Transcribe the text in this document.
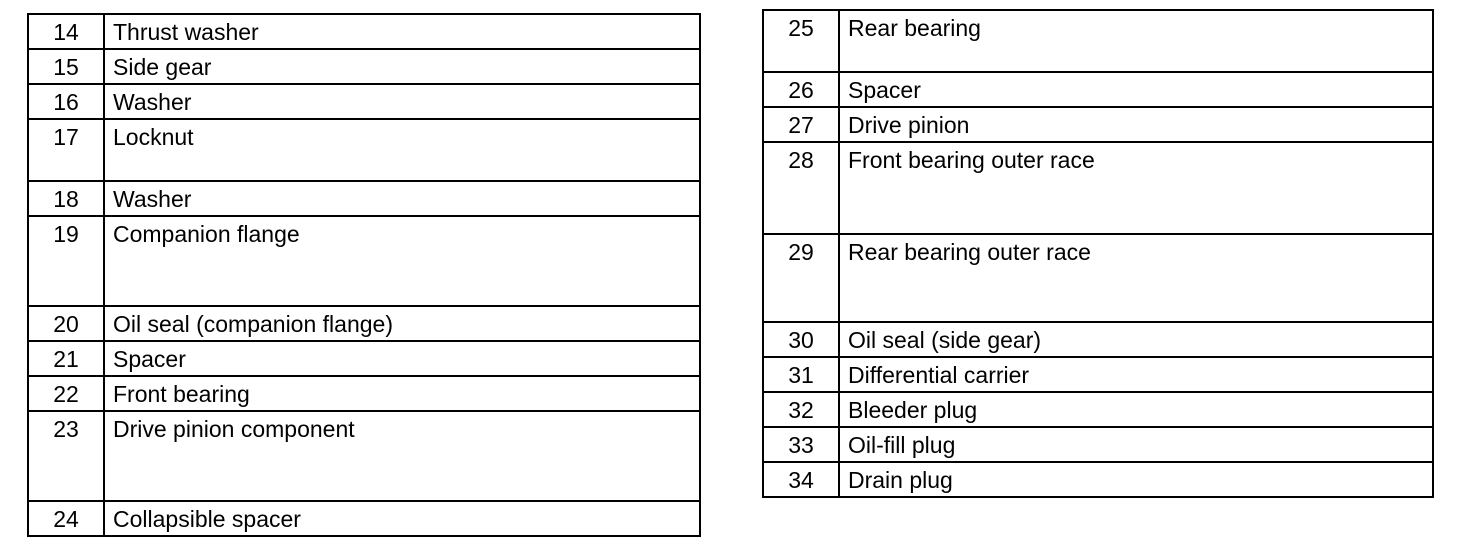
14	Thrust washer
15	Side gear
16	Washer
17	Locknut
18	Washer
19	Companion flange
20	Oil seal (companion flange)
21	Spacer
22	Front bearing
23	Drive pinion component
24	Collapsible spacer
25	Rear bearing
26	Spacer
27	Drive pinion
28	Front bearing outer race
29	Rear bearing outer race
30	Oil seal (side gear)
31	Differential carrier
32	Bleeder plug
33	Oil-fill plug
34	Drain plug
